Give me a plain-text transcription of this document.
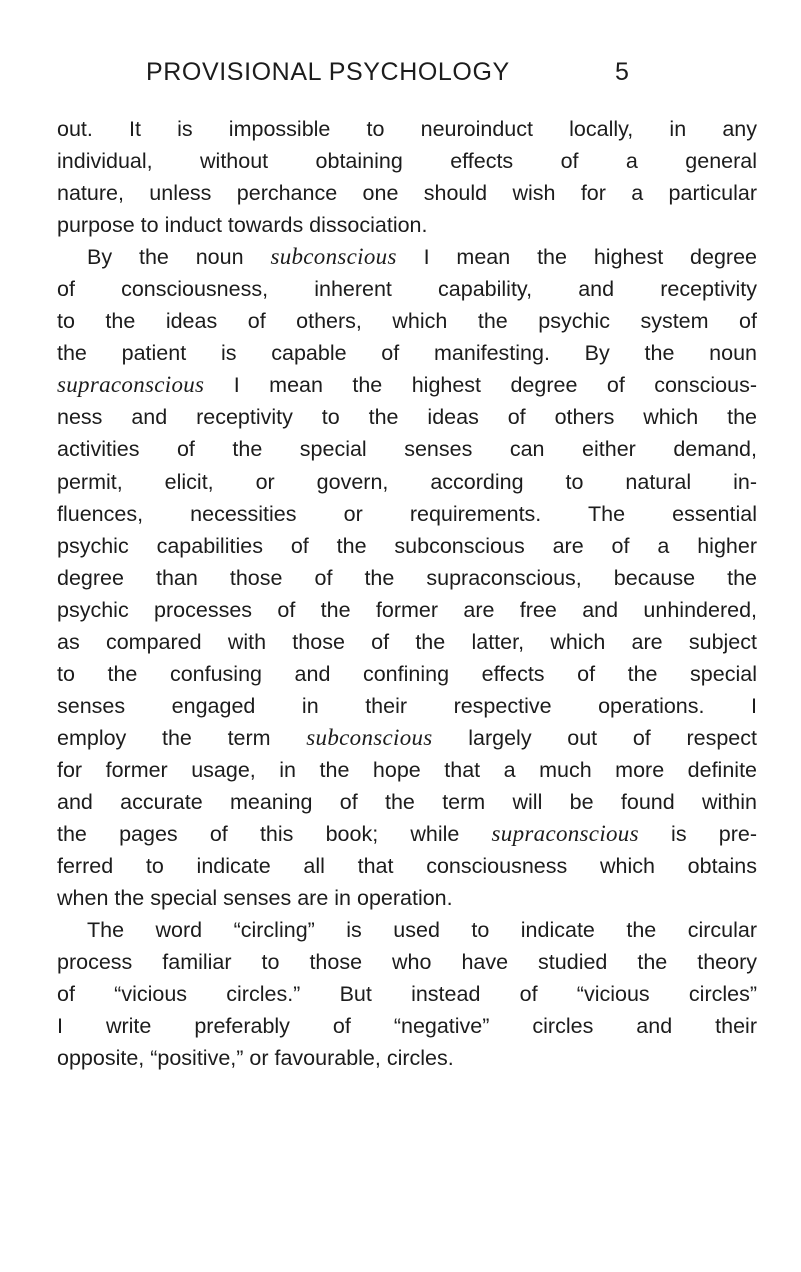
PROVISIONAL PSYCHOLOGY	5
out. It is impossible to neuroinduct locally, in any
individual, without obtaining effects of a general
nature, unless perchance one should wish for a particular
purpose to induct towards dissociation.
By the noun subconscious I mean the highest degree
of consciousness, inherent capability, and receptivity
to the ideas of others, which the psychic system of
the patient is capable of manifesting. By the noun
supraconscious I mean the highest degree of conscious-
ness and receptivity to the ideas of others which the
activities of the special senses can either demand,
permit, elicit, or govern, according to natural in-
fluences, necessities or requirements. The essential
psychic capabilities of the subconscious are of a higher
degree than those of the supraconscious, because the
psychic processes of the former are free and unhindered,
as compared with those of the latter, which are subject
to the confusing and confining effects of the special
senses engaged in their respective operations. I
employ the term subconscious largely out of respect
for former usage, in the hope that a much more definite
and accurate meaning of the term will be found within
the pages of this book; while supraconscious is pre-
ferred to indicate all that consciousness which obtains
when the special senses are in operation.
The word “circling” is used to indicate the circular
process familiar to those who have studied the theory
of “vicious circles.” But instead of “vicious circles”
I write preferably of “negative” circles and their
opposite, “positive,” or favourable, circles.
